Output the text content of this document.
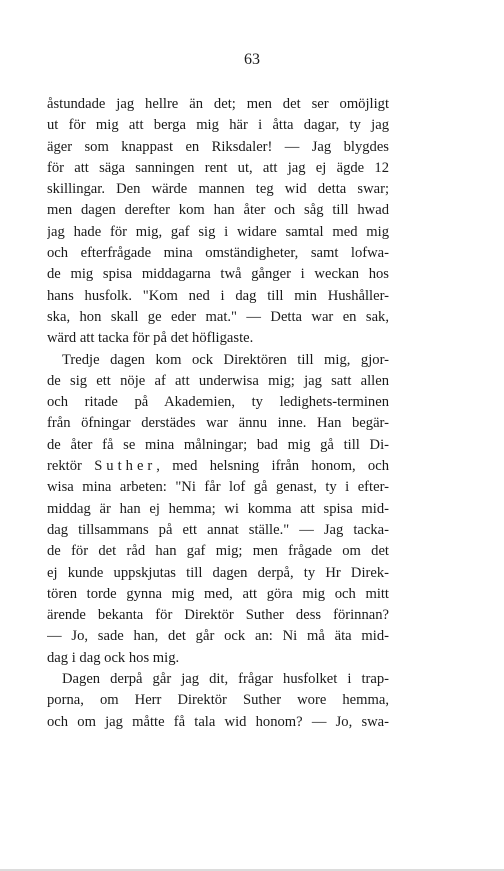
63
åstundade jag hellre än det; men det ser omöjligt
ut för mig att berga mig här i åtta dagar, ty jag
äger som knappast en Riksdaler! — Jag blygdes
för att säga sanningen rent ut, att jag ej ägde 12
skillingar. Den wärde mannen teg wid detta swar;
men dagen derefter kom han åter och såg till hwad
jag hade för mig, gaf sig i widare samtal med mig
och efterfrågade mina omständigheter, samt lofwa-
de mig spisa middagarna twå gånger i weckan hos
hans husfolk. "Kom ned i dag till min Hushåller-
ska, hon skall ge eder mat." — Detta war en sak,
wärd att tacka för på det höfligaste.
Tredje dagen kom ock Direktören till mig, gjor-
de sig ett nöje af att underwisa mig; jag satt allen
och ritade på Akademien, ty ledighets-terminen
från öfningar derstädes war ännu inne. Han begär-
de åter få se mina målningar; bad mig gå till Di-
rektör Suther, med helsning ifrån honom, och
wisa mina arbeten: "Ni får lof gå genast, ty i efter-
middag är han ej hemma; wi komma att spisa mid-
dag tillsammans på ett annat ställe." — Jag tacka-
de för det råd han gaf mig; men frågade om det
ej kunde uppskjutas till dagen derpå, ty Hr Direk-
tören torde gynna mig med, att göra mig och mitt
ärende bekanta för Direktör Suther dess förinnan?
— Jo, sade han, det går ock an: Ni må äta mid-
dag i dag ock hos mig.
Dagen derpå går jag dit, frågar husfolket i trap-
porna, om Herr Direktör Suther wore hemma,
och om jag måtte få tala wid honom? — Jo, swa-
